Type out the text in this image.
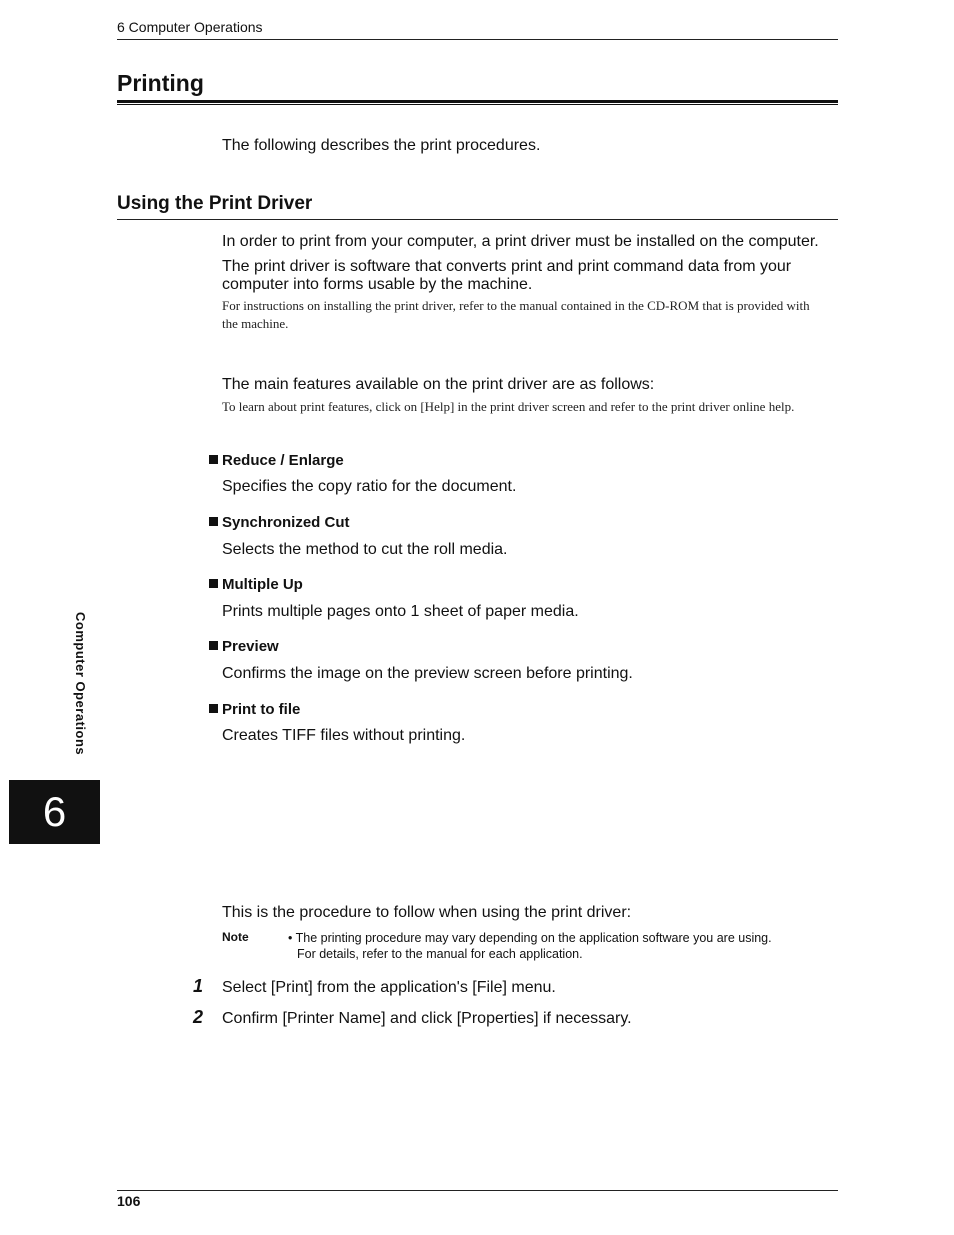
6 Computer Operations
Printing
The following describes the print procedures.
Using the Print Driver
In order to print from your computer, a print driver must be installed on the computer.
The print driver is software that converts print and print command data from your computer into forms usable by the machine.
For instructions on installing the print driver, refer to the manual contained in the CD-ROM that is provided with the machine.
The main features available on the print driver are as follows:
To learn about print features, click on [Help] in the print driver screen and refer to the print driver online help.
Reduce / Enlarge
Specifies the copy ratio for the document.
Synchronized Cut
Selects the method to cut the roll media.
Multiple Up
Prints multiple pages onto 1 sheet of paper media.
Preview
Confirms the image on the preview screen before printing.
Print to file
Creates TIFF files without printing.
This is the procedure to follow when using the print driver:
Note	• The printing procedure may vary depending on the application software you are using.
For details, refer to the manual for each application.
1 Select [Print] from the application's [File] menu.
2 Confirm [Printer Name] and click [Properties] if necessary.
Computer Operations
6
106
